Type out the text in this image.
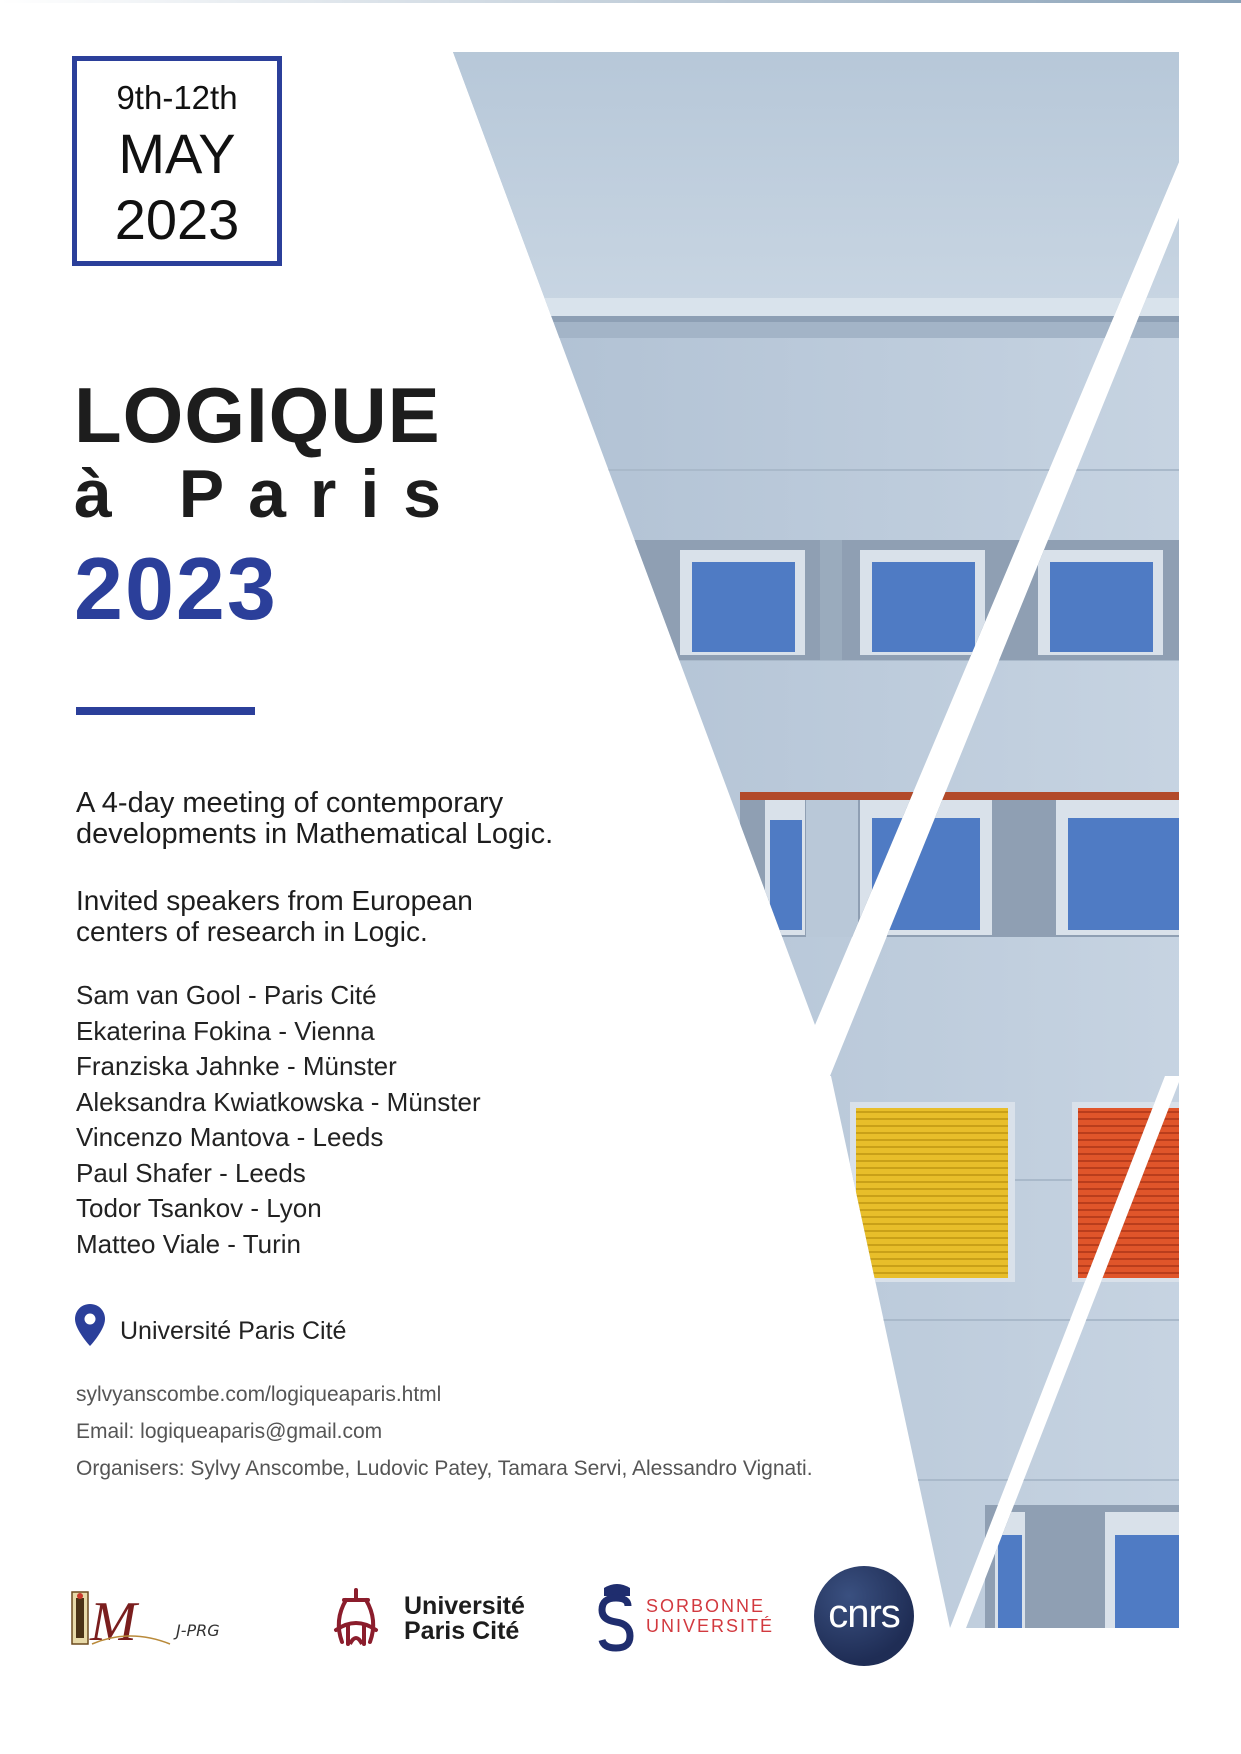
9th-12th
MAY
2023
LOGIQUE
à Paris
2023
A 4-day meeting of contemporary
developments in Mathematical Logic.
Invited speakers from European
centers of research in Logic.
Sam van Gool - Paris Cité
Ekaterina Fokina - Vienna
Franziska Jahnke - Münster
Aleksandra Kwiatkowska - Münster
Vincenzo Mantova - Leeds
Paul Shafer - Leeds
Todor Tsankov - Lyon
Matteo Viale - Turin
Université Paris Cité
sylvyanscombe.com/logiqueaparis.html
Email: logiqueaparis@gmail.com
Organisers: Sylvy Anscombe, Ludovic Patey, Tamara Servi, Alessandro Vignati.
M J-PRG
Université
Paris Cité
SORBONNE
UNIVERSITÉ	cnrs
